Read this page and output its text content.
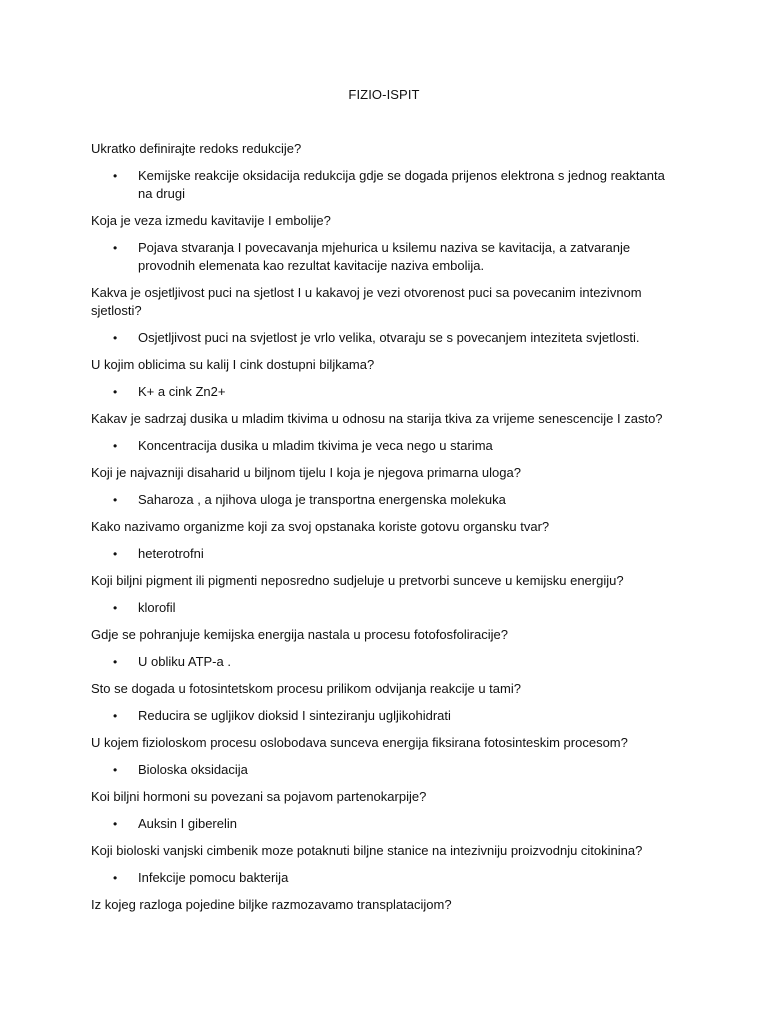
FIZIO-ISPIT
Ukratko definirajte redoks redukcije?
• Kemijske reakcije oksidacija redukcija gdje se dogada prijenos elektrona s jednog reaktanta na drugi
Koja je veza izmedu kavitavije I embolije?
• Pojava stvaranja I povecavanja mjehurica u ksilemu naziva se kavitacija, a zatvaranje provodnih elemenata kao rezultat kavitacije naziva embolija.
Kakva je osjetljivost puci na sjetlost I u kakavoj je vezi otvorenost puci sa povecanim intezivnom sjetlosti?
• Osjetljivost puci na svjetlost je vrlo velika, otvaraju se s povecanjem inteziteta svjetlosti.
U kojim oblicima su kalij I cink dostupni biljkama?
• K+ a cink Zn2+
Kakav je sadrzaj dusika u mladim tkivima u odnosu na starija tkiva za vrijeme senescencije I zasto?
• Koncentracija dusika u mladim tkivima je veca nego u starima
Koji je najvazniji disaharid u biljnom tijelu I koja je njegova primarna uloga?
• Saharoza , a njihova uloga je transportna energenska molekuka
Kako nazivamo organizme koji za svoj opstanaka koriste gotovu organsku tvar?
• heterotrofni
Koji biljni pigment ili pigmenti neposredno sudjeluje u pretvorbi sunceve u kemijsku energiju?
• klorofil
Gdje se pohranjuje kemijska energija nastala u procesu fotofosfoliracije?
• U obliku ATP-a .
Sto se dogada u fotosintetskom procesu prilikom odvijanja reakcije u tami?
• Reducira se ugljikov dioksid I sinteziranju ugljikohidrati
U kojem fizioloskom procesu oslobodava sunceva energija fiksirana fotosinteskim procesom?
• Bioloska oksidacija
Koi biljni hormoni su povezani sa pojavom partenokarpije?
• Auksin I giberelin
Koji bioloski vanjski cimbenik moze potaknuti biljne stanice na intezivniju proizvodnju citokinina?
• Infekcije pomocu bakterija
Iz kojeg razloga pojedine biljke razmozavamo transplatacijom?
